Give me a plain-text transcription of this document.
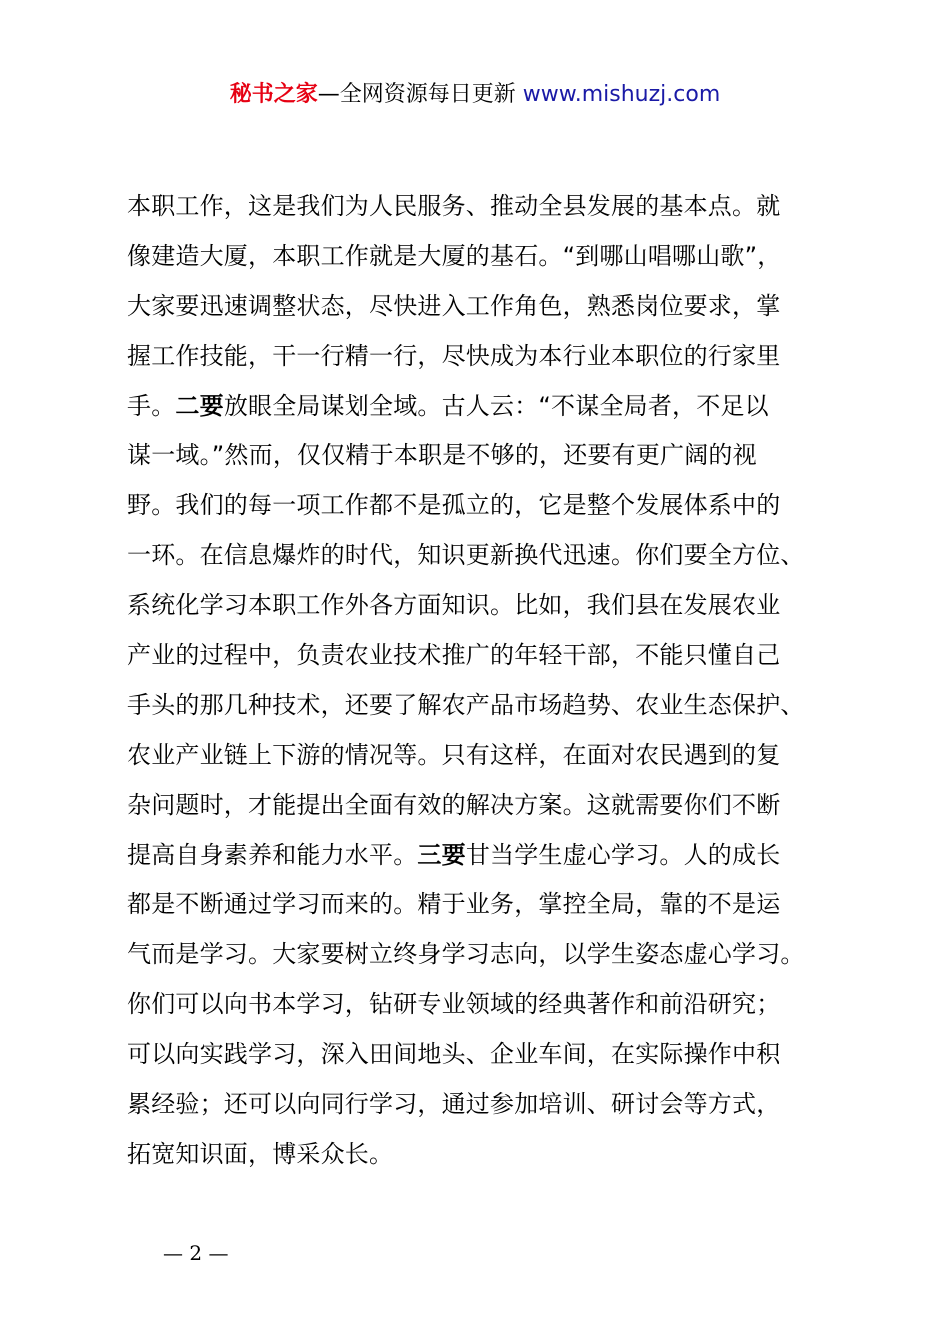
秘书之家—全网资源每日更新 www.mishuzj.com
本职工作，这是我们为人民服务、推动全县发展的基本点。就
像建造大厦，本职工作就是大厦的基石。“到哪山唱哪山歌”，
大家要迅速调整状态，尽快进入工作角色，熟悉岗位要求，掌
握工作技能，干一行精一行，尽快成为本行业本职位的行家里
手。二要放眼全局谋划全域。古人云：“不谋全局者，不足以
谋一域。”然而，仅仅精于本职是不够的，还要有更广阔的视
野。我们的每一项工作都不是孤立的，它是整个发展体系中的
一环。在信息爆炸的时代，知识更新换代迅速。你们要全方位、
系统化学习本职工作外各方面知识。比如，我们县在发展农业
产业的过程中，负责农业技术推广的年轻干部，不能只懂自己
手头的那几种技术，还要了解农产品市场趋势、农业生态保护、
农业产业链上下游的情况等。只有这样，在面对农民遇到的复
杂问题时，才能提出全面有效的解决方案。这就需要你们不断
提高自身素养和能力水平。三要甘当学生虚心学习。人的成长
都是不断通过学习而来的。精于业务，掌控全局，靠的不是运
气而是学习。大家要树立终身学习志向，以学生姿态虚心学习。
你们可以向书本学习，钻研专业领域的经典著作和前沿研究；
可以向实践学习，深入田间地头、企业车间，在实际操作中积
累经验；还可以向同行学习，通过参加培训、研讨会等方式，
拓宽知识面，博采众长。
— 2 —
